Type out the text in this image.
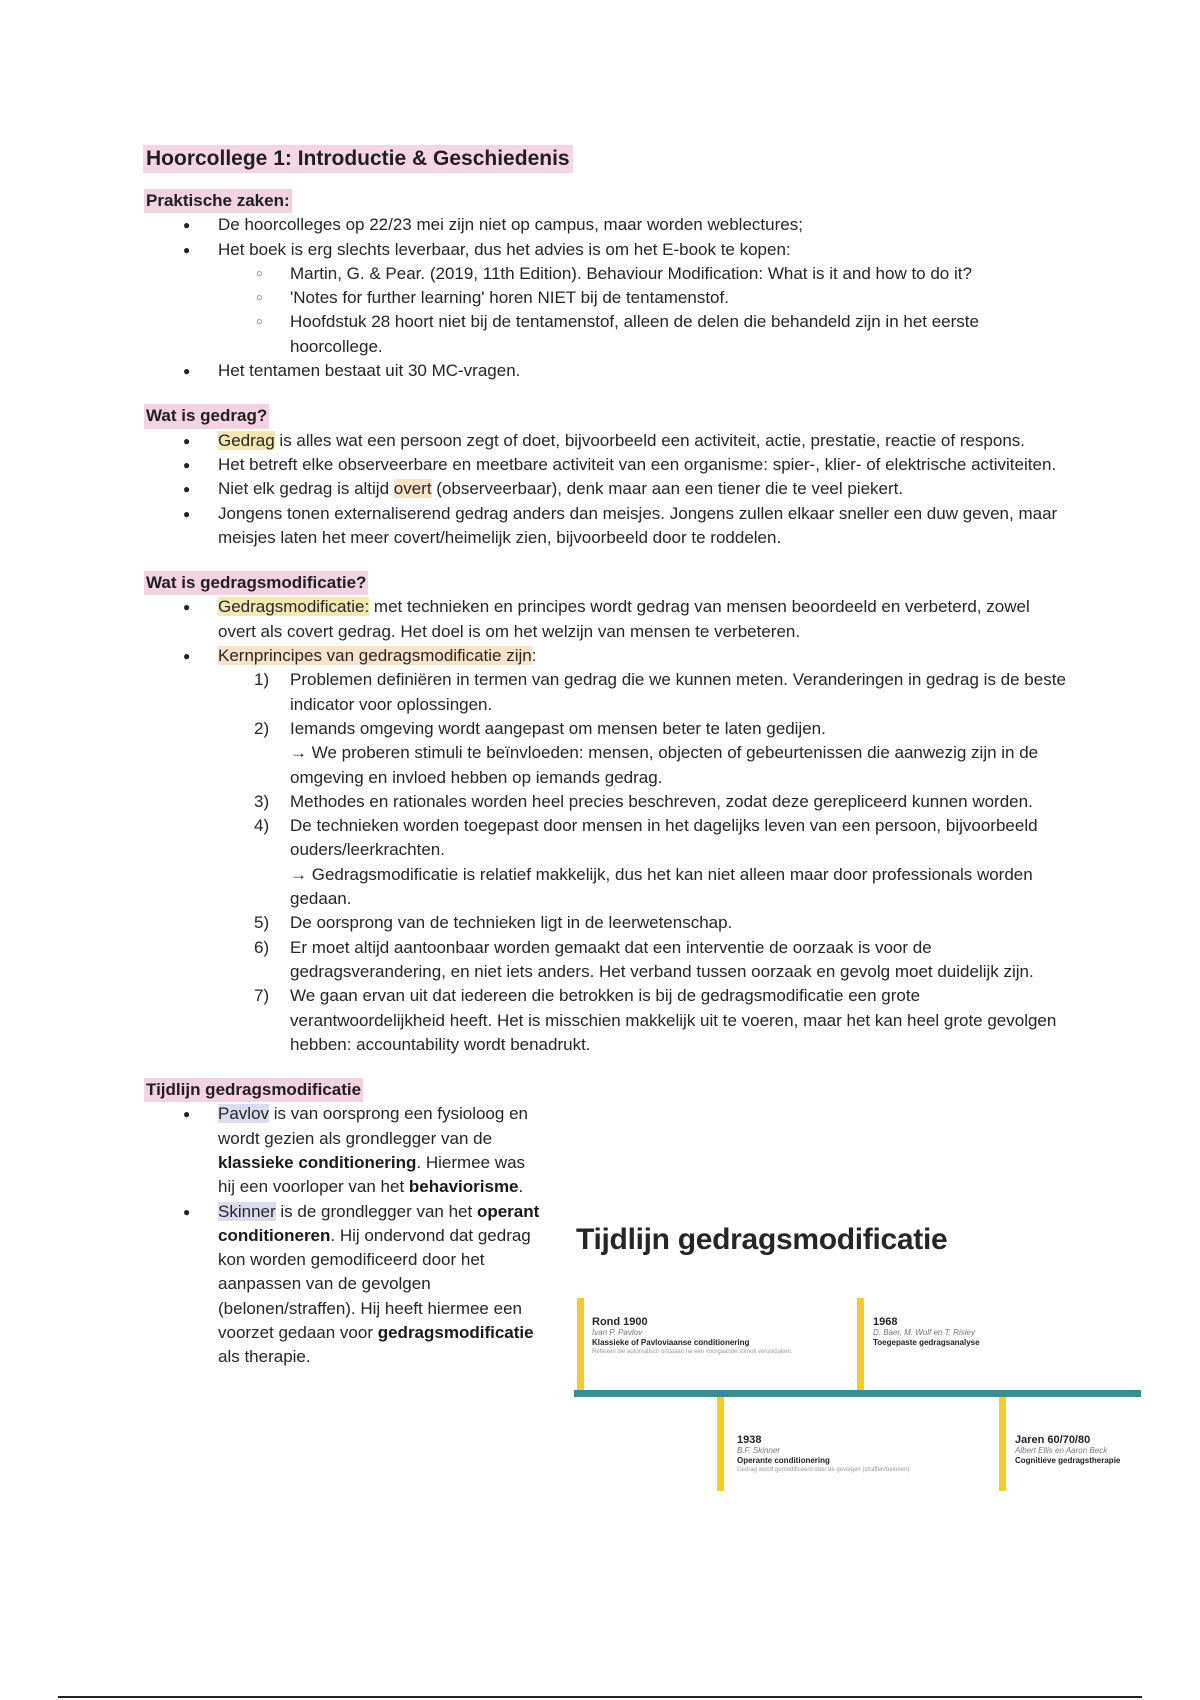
Hoorcollege 1: Introductie & Geschiedenis
Praktische zaken:
● De hoorcolleges op 22/23 mei zijn niet op campus, maar worden weblectures;
● Het boek is erg slechts leverbaar, dus het advies is om het E-book te kopen:
○ Martin, G. & Pear. (2019, 11th Edition). Behaviour Modification: What is it and how to do it?
○ 'Notes for further learning' horen NIET bij de tentamenstof.
○ Hoofdstuk 28 hoort niet bij de tentamenstof, alleen de delen die behandeld zijn in het eerste hoorcollege.
● Het tentamen bestaat uit 30 MC-vragen.
Wat is gedrag?
● Gedrag is alles wat een persoon zegt of doet, bijvoorbeeld een activiteit, actie, prestatie, reactie of respons.
● Het betreft elke observeerbare en meetbare activiteit van een organisme: spier-, klier- of elektrische activiteiten.
● Niet elk gedrag is altijd overt (observeerbaar), denk maar aan een tiener die te veel piekert.
● Jongens tonen externaliserend gedrag anders dan meisjes. Jongens zullen elkaar sneller een duw geven, maar meisjes laten het meer covert/heimelijk zien, bijvoorbeeld door te roddelen.
Wat is gedragsmodificatie?
● Gedragsmodificatie: met technieken en principes wordt gedrag van mensen beoordeeld en verbeterd, zowel overt als covert gedrag. Het doel is om het welzijn van mensen te verbeteren.
● Kernprincipes van gedragsmodificatie zijn:
1) Problemen definiëren in termen van gedrag die we kunnen meten. Veranderingen in gedrag is de beste indicator voor oplossingen.
2) Iemands omgeving wordt aangepast om mensen beter te laten gedijen.
→ We proberen stimuli te beïnvloeden: mensen, objecten of gebeurtenissen die aanwezig zijn in de omgeving en invloed hebben op iemands gedrag.
3) Methodes en rationales worden heel precies beschreven, zodat deze gerepliceerd kunnen worden.
4) De technieken worden toegepast door mensen in het dagelijks leven van een persoon, bijvoorbeeld ouders/leerkrachten.
→ Gedragsmodificatie is relatief makkelijk, dus het kan niet alleen maar door professionals worden gedaan.
5) De oorsprong van de technieken ligt in de leerwetenschap.
6) Er moet altijd aantoonbaar worden gemaakt dat een interventie de oorzaak is voor de gedragsverandering, en niet iets anders. Het verband tussen oorzaak en gevolg moet duidelijk zijn.
7) We gaan ervan uit dat iedereen die betrokken is bij de gedragsmodificatie een grote verantwoordelijkheid heeft. Het is misschien makkelijk uit te voeren, maar het kan heel grote gevolgen hebben: accountability wordt benadrukt.
Tijdlijn gedragsmodificatie
● Pavlov is van oorsprong een fysioloog en wordt gezien als grondlegger van de klassieke conditionering. Hiermee was hij een voorloper van het behaviorisme.
● Skinner is de grondlegger van het operant conditioneren. Hij ondervond dat gedrag kon worden gemodificeerd door het aanpassen van de gevolgen (belonen/straffen). Hij heeft hiermee een voorzet gedaan voor gedragsmodificatie als therapie.
Tijdlijn gedragsmodificatie
Rond 1900
Ivan P. Pavlov
Klassieke of Pavloviaanse conditionering
Reflexen die automatisch ontstaan na een voorgaande stimuli veroorzaken.
1968
D. Baer, M. Wolf en T. Risley
Toegepaste gedragsanalyse
1938
B.F. Skinner
Operante conditionering
Gedrag wordt gemodificeerd door de gevolgen (straffen/belonen).
Jaren 60/70/80
Albert Ellis en Aaron Beck
Cognitieve gedragstherapie
